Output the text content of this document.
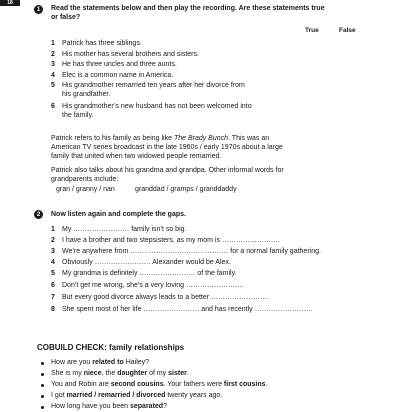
18
1	Read the statements below and then play the recording. Are these statements true
or false?
True	False
1	Patrick has three siblings.
2	His mother has several brothers and sisters.
3	He has three uncles and three aunts.
4	Elec is a common name in America.
5	His grandmother remarried ten years after her divorce from
his grandfather.
6	His grandmother’s new husband has not been welcomed into
the family.
Patrick refers to his family as being like The Brady Bunch. This was an American TV series broadcast in the late 1960s / early 1970s about a large family that united when two widowed people remarried.
Patrick also talks about his grandma and grandpa. Other informal words for grandparents include:
gran / granny / nan	granddad / gramps / granddaddy
2	Now listen again and complete the gaps.
1 My …………………… family isn’t so big.
2 I have a brother and two stepsisters, as my mom is …………………….
3 We’re anywhere from …………………………………… for a normal family gathering.
4 Obviously …………………… Alexander would be Alex.
5 My grandma is definitely …………………… of the family.
6 Don’t get me wrong, she’s a very loving …………………….
7 But every good divorce always leads to a better …………………….
8 She spent most of her life …………………… and has recently …………………….
COBUILD CHECK: family relationships
How are you related to Hailey?
She is my niece, the daughter of my sister.
You and Robin are second cousins. Your fathers were first cousins.
I got married / remarried / divorced twenty years ago.
How long have you been separated?
